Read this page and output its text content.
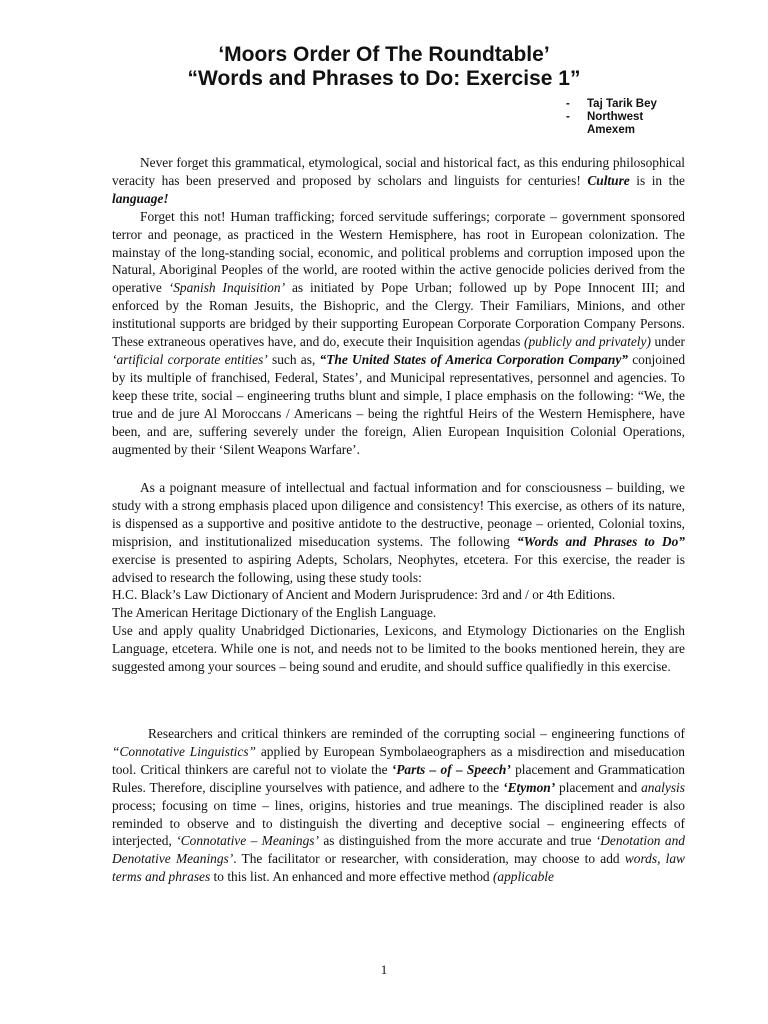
‘Moors Order Of The Roundtable’
“Words and Phrases to Do: Exercise 1”
- Taj Tarik Bey
- Northwest
Amexem

Never forget this grammatical, etymological, social and historical fact, as this enduring philosophical veracity has been preserved and proposed by scholars and linguists for centuries! Culture is in the language!

Forget this not! Human trafficking; forced servitude sufferings; corporate – government sponsored terror and peonage, as practiced in the Western Hemisphere, has root in European colonization. The mainstay of the long-standing social, economic, and political problems and corruption imposed upon the Natural, Aboriginal Peoples of the world, are rooted within the active genocide policies derived from the operative ‘Spanish Inquisition’ as initiated by Pope Urban; followed up by Pope Innocent III; and enforced by the Roman Jesuits, the Bishopric, and the Clergy. Their Familiars, Minions, and other institutional supports are bridged by their supporting European Corporate Corporation Company Persons. These extraneous operatives have, and do, execute their Inquisition agendas (publicly and privately) under ‘artificial corporate entities’ such as, “The United States of America Corporation Company” conjoined by its multiple of franchised, Federal, States’, and Municipal representatives, personnel and agencies. To keep these trite, social – engineering truths blunt and simple, I place emphasis on the following: “We, the true and de jure Al Moroccans / Americans – being the rightful Heirs of the Western Hemisphere, have been, and are, suffering severely under the foreign, Alien European Inquisition Colonial Operations, augmented by their ‘Silent Weapons Warfare’.

As a poignant measure of intellectual and factual information and for consciousness – building, we study with a strong emphasis placed upon diligence and consistency! This exercise, as others of its nature, is dispensed as a supportive and positive antidote to the destructive, peonage – oriented, Colonial toxins, misprision, and institutionalized miseducation systems. The following “Words and Phrases to Do” exercise is presented to aspiring Adepts, Scholars, Neophytes, etcetera. For this exercise, the reader is advised to research the following, using these study tools:

H.C. Black’s Law Dictionary of Ancient and Modern Jurisprudence: 3rd and / or 4th Editions.

The American Heritage Dictionary of the English Language.

Use and apply quality Unabridged Dictionaries, Lexicons, and Etymology Dictionaries on the English Language, etcetera. While one is not, and needs not to be limited to the books mentioned herein, they are suggested among your sources – being sound and erudite, and should suffice qualifiedly in this exercise.

Researchers and critical thinkers are reminded of the corrupting social – engineering functions of “Connotative Linguistics” applied by European Symbolaeographers as a misdirection and miseducation tool. Critical thinkers are careful not to violate the ‘Parts – of – Speech’ placement and Grammatication Rules. Therefore, discipline yourselves with patience, and adhere to the ‘Etymon’ placement and analysis process; focusing on time – lines, origins, histories and true meanings. The disciplined reader is also reminded to observe and to distinguish the diverting and deceptive social – engineering effects of interjected, ‘Connotative – Meanings’ as distinguished from the more accurate and true ‘Denotation and Denotative Meanings’. The facilitator or researcher, with consideration, may choose to add words, law terms and phrases to this list. An enhanced and more effective method (applicable

1
